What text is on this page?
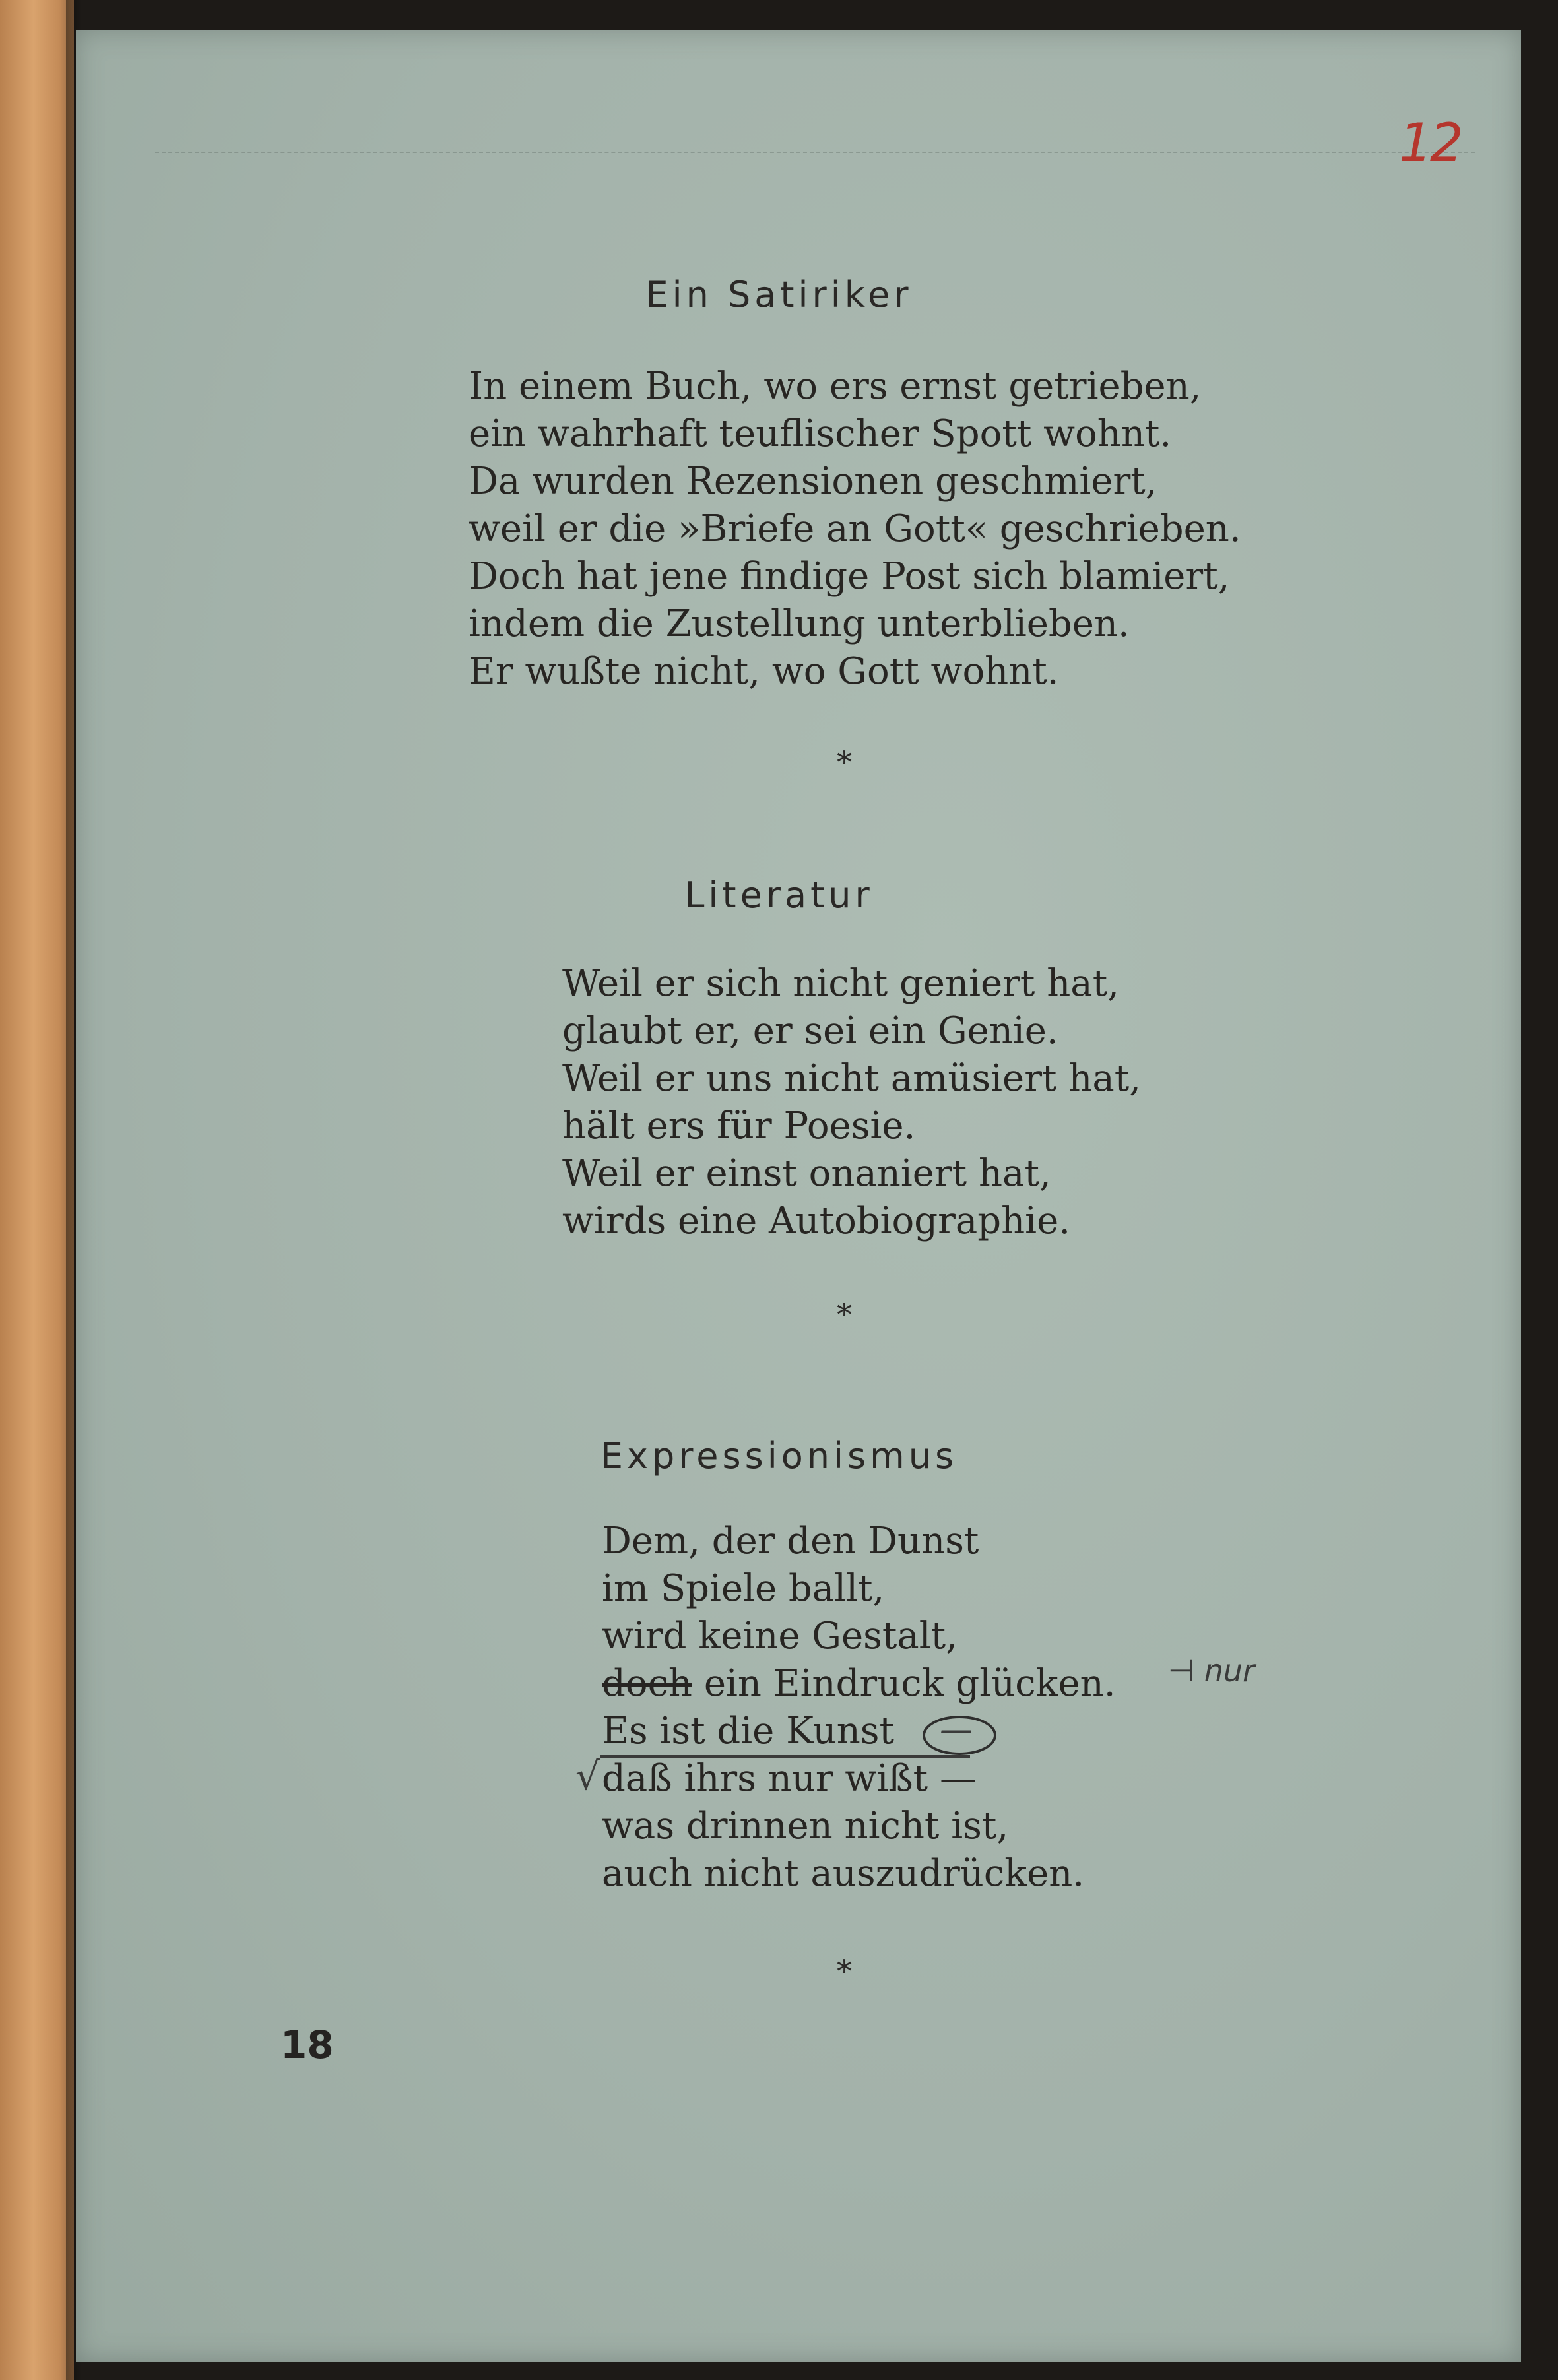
12
Ein Satiriker
In einem Buch, wo ers ernst getrieben,
ein wahrhaft teuflischer Spott wohnt.
Da wurden Rezensionen geschmiert,
weil er die »Briefe an Gott« geschrieben.
Doch hat jene findige Post sich blamiert,
indem die Zustellung unterblieben.
Er wußte nicht, wo Gott wohnt.
*
Literatur
Weil er sich nicht geniert hat,
glaubt er, er sei ein Genie.
Weil er uns nicht amüsiert hat,
hält ers für Poesie.
Weil er einst onaniert hat,
wirds eine Autobiographie.
*
Expressionismus
Dem, der den Dunst
im Spiele ballt,
wird keine Gestalt,
doch ein Eindruck glücken.
Es ist die Kunst
daß ihrs nur wißt —
was drinnen nicht ist,
auch nicht auszudrücken.
—
√
⊣ nur
*
18
